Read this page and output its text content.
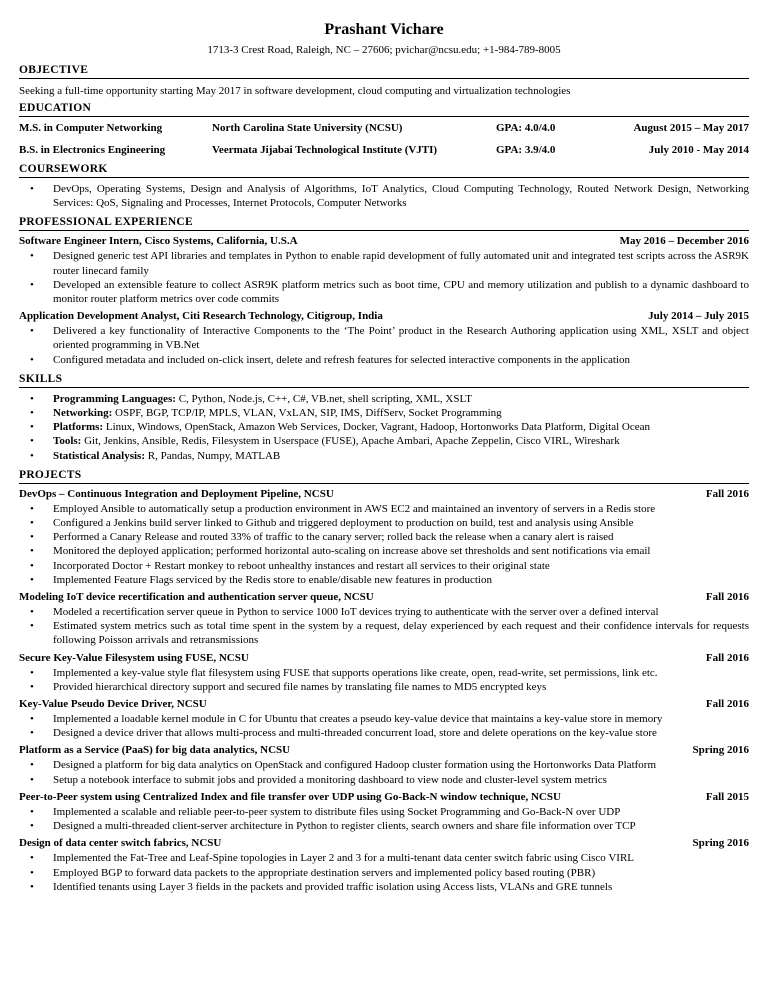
Prashant Vichare
1713-3 Crest Road, Raleigh, NC – 27606; pvichar@ncsu.edu; +1-984-789-8005
OBJECTIVE
Seeking a full-time opportunity starting May 2017 in software development, cloud computing and virtualization technologies
EDUCATION
M.S. in Computer Networking	North Carolina State University (NCSU)	GPA: 4.0/4.0	August 2015 – May 2017
B.S. in Electronics Engineering	Veermata Jijabai Technological Institute (VJTI)	GPA: 3.9/4.0	July 2010 - May 2014
COURSEWORK
• DevOps, Operating Systems, Design and Analysis of Algorithms, IoT Analytics, Cloud Computing Technology, Routed Network Design, Networking Services: QoS, Signaling and Processes, Internet Protocols, Computer Networks
PROFESSIONAL EXPERIENCE
Software Engineer Intern, Cisco Systems, California, U.S.A	May 2016 – December 2016
• Designed generic test API libraries and templates in Python to enable rapid development of fully automated unit and integrated test scripts across the ASR9K router linecard family
• Developed an extensible feature to collect ASR9K platform metrics such as boot time, CPU and memory utilization and publish to a dynamic dashboard to monitor router platform metrics over code commits
Application Development Analyst, Citi Research Technology, Citigroup, India	July 2014 – July 2015
• Delivered a key functionality of Interactive Components to the ‘The Point’ product in the Research Authoring application using XML, XSLT and object oriented programming in VB.Net
• Configured metadata and included on-click insert, delete and refresh features for selected interactive components in the application
SKILLS
• Programming Languages: C, Python, Node.js, C++, C#, VB.net, shell scripting, XML, XSLT
• Networking: OSPF, BGP, TCP/IP, MPLS, VLAN, VxLAN, SIP, IMS, DiffServ, Socket Programming
• Platforms: Linux, Windows, OpenStack, Amazon Web Services, Docker, Vagrant, Hadoop, Hortonworks Data Platform, Digital Ocean
• Tools: Git, Jenkins, Ansible, Redis, Filesystem in Userspace (FUSE), Apache Ambari, Apache Zeppelin, Cisco VIRL, Wireshark
• Statistical Analysis: R, Pandas, Numpy, MATLAB
PROJECTS
DevOps – Continuous Integration and Deployment Pipeline, NCSU	Fall 2016
• Employed Ansible to automatically setup a production environment in AWS EC2 and maintained an inventory of servers in a Redis store
• Configured a Jenkins build server linked to Github and triggered deployment to production on build, test and analysis using Ansible
• Performed a Canary Release and routed 33% of traffic to the canary server; rolled back the release when a canary alert is raised
• Monitored the deployed application; performed horizontal auto-scaling on increase above set thresholds and sent notifications via email
• Incorporated Doctor + Restart monkey to reboot unhealthy instances and restart all services to their original state
• Implemented Feature Flags serviced by the Redis store to enable/disable new features in production
Modeling IoT device recertification and authentication server queue, NCSU	Fall 2016
• Modeled a recertification server queue in Python to service 1000 IoT devices trying to authenticate with the server over a defined interval
• Estimated system metrics such as total time spent in the system by a request, delay experienced by each request and their confidence intervals for requests following Poisson arrivals and retransmissions
Secure Key-Value Filesystem using FUSE, NCSU	Fall 2016
• Implemented a key-value style flat filesystem using FUSE that supports operations like create, open, read-write, set permissions, link etc.
• Provided hierarchical directory support and secured file names by translating file names to MD5 encrypted keys
Key-Value Pseudo Device Driver, NCSU	Fall 2016
• Implemented a loadable kernel module in C for Ubuntu that creates a pseudo key-value device that maintains a key-value store in memory
• Designed a device driver that allows multi-process and multi-threaded concurrent load, store and delete operations on the key-value store
Platform as a Service (PaaS) for big data analytics, NCSU	Spring 2016
• Designed a platform for big data analytics on OpenStack and configured Hadoop cluster formation using the Hortonworks Data Platform
• Setup a notebook interface to submit jobs and provided a monitoring dashboard to view node and cluster-level system metrics
Peer-to-Peer system using Centralized Index and file transfer over UDP using Go-Back-N window technique, NCSU	Fall 2015
• Implemented a scalable and reliable peer-to-peer system to distribute files using Socket Programming and Go-Back-N over UDP
• Designed a multi-threaded client-server architecture in Python to register clients, search owners and share file information over TCP
Design of data center switch fabrics, NCSU	Spring 2016
• Implemented the Fat-Tree and Leaf-Spine topologies in Layer 2 and 3 for a multi-tenant data center switch fabric using Cisco VIRL
• Employed BGP to forward data packets to the appropriate destination servers and implemented policy based routing (PBR)
• Identified tenants using Layer 3 fields in the packets and provided traffic isolation using Access lists, VLANs and GRE tunnels
